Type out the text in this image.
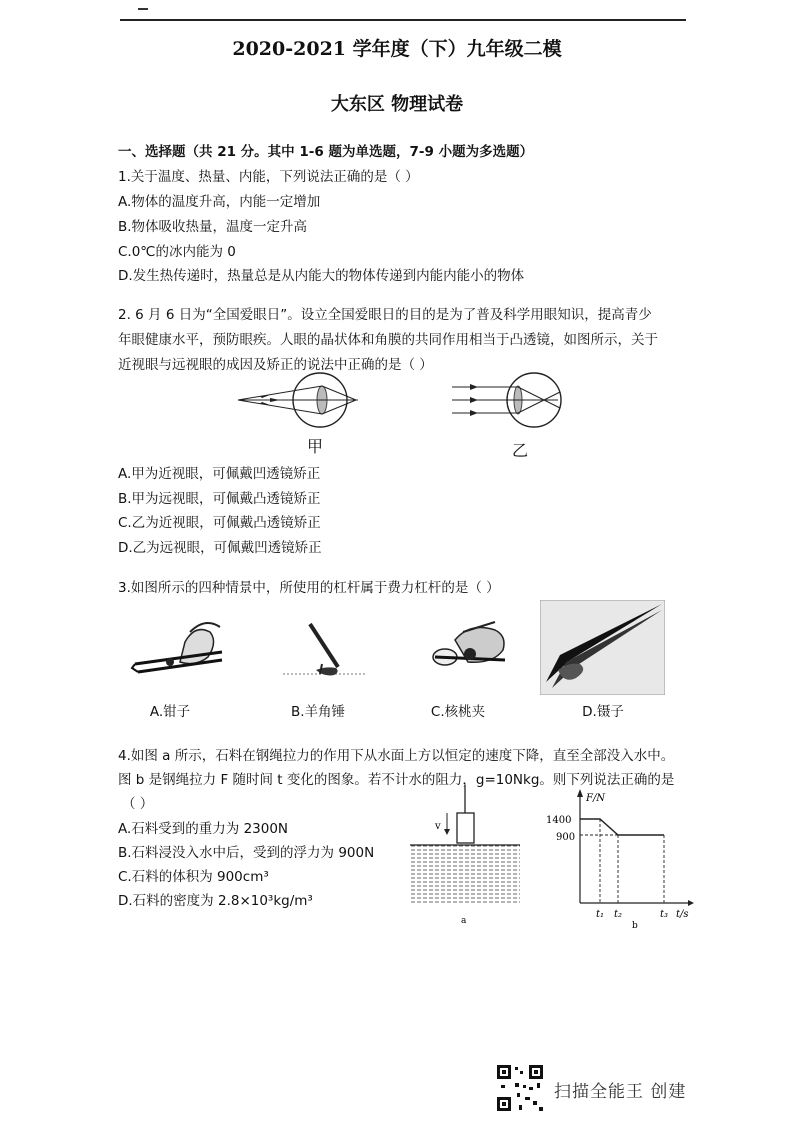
2020-2021 学年度（下）九年级二模
大东区 物理试卷
一、选择题（共 21 分。其中 1-6 题为单选题，7-9 小题为多选题）
1.关于温度、热量、内能，下列说法正确的是（ ）
A.物体的温度升高，内能一定增加
B.物体吸收热量，温度一定升高
C.0℃的冰内能为 0
D.发生热传递时，热量总是从内能大的物体传递到内能内能小的物体
2. 6 月 6 日为“全国爱眼日”。设立全国爱眼日的目的是为了普及科学用眼知识，提高青少
年眼健康水平，预防眼疾。人眼的晶状体和角膜的共同作用相当于凸透镜，如图所示，关于
近视眼与远视眼的成因及矫正的说法中正确的是（ ）
甲	乙
A.甲为近视眼，可佩戴凹透镜矫正
B.甲为远视眼，可佩戴凸透镜矫正
C.乙为近视眼，可佩戴凸透镜矫正
D.乙为远视眼，可佩戴凹透镜矫正
3.如图所示的四种情景中，所使用的杠杆属于费力杠杆的是（ ）
A.钳子	B.羊角锤	C.核桃夹	D.镊子
4.如图 a 所示，石料在钢绳拉力的作用下从水面上方以恒定的速度下降，直至全部没入水中。
图 b 是钢绳拉力 F 随时间 t 变化的图象。若不计水的阻力，g=10Nkg。则下列说法正确的是
（ ）
A.石料受到的重力为 2300N
B.石料浸没入水中后，受到的浮力为 900N
C.石料的体积为 900cm³
D.石料的密度为 2.8×10³kg/m³
v
a
F/N
t/s
1400
900
t₁ t₂	t₃
b
扫描全能王 创建
